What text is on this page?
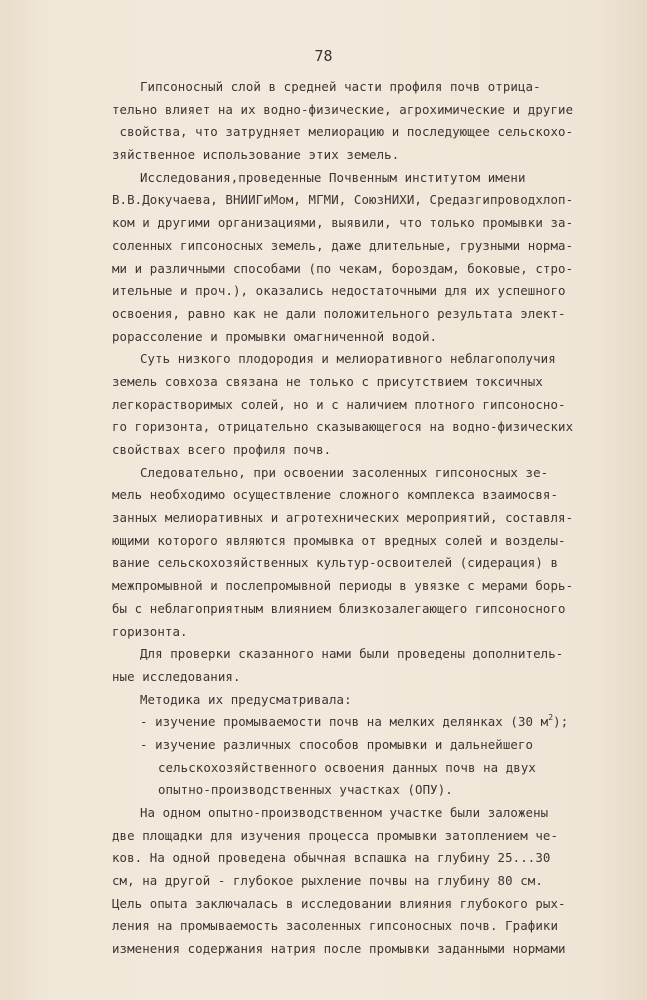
78
Гипсоносный слой в средней части профиля почв отрица-
тельно влияет на их водно-физические, агрохимические и другие
свойства, что затрудняет мелиорацию и последующее сельскохо-
зяйственное использование этих земель.
Исследования,проведенные Почвенным институтом имени
В.В.Докучаева, ВНИИГиМом, МГМИ, СоюзНИХИ, Средазгипроводхлоп-
ком и другими организациями, выявили, что только промывки за-
соленных гипсоносных земель, даже длительные, грузными норма-
ми и различными способами (по чекам, бороздам, боковые, стро-
ительные и проч.), оказались недостаточными для их успешного
освоения, равно как не дали положительного результата элект-
рорассоление и промывки омагниченной водой.
Суть низкого плодородия и мелиоративного неблагополучия
земель совхоза связана не только с присутствием токсичных
легкорастворимых солей, но и с наличием плотного гипсоносно-
го горизонта, отрицательно сказывающегося на водно-физических
свойствах всего профиля почв.
Следовательно, при освоении засоленных гипсоносных зе-
мель необходимо осуществление сложного комплекса взаимосвя-
занных мелиоративных и агротехнических мероприятий, составля-
ющими которого являются промывка от вредных солей и возделы-
вание сельскохозяйственных культур-освоителей (сидерация) в
межпромывной и послепромывной периоды в увязке с мерами борь-
бы с неблагоприятным влиянием близкозалегающего гипсоносного
горизонта.
Для проверки сказанного нами были проведены дополнитель-
ные исследования.
Методика их предусматривала:
- изучение промываемости почв на мелких делянках (30 $м^2$);
- изучение различных способов промывки и дальнейшего
сельскохозяйственного освоения данных почв на двух
опытно-производственных участках (ОПУ).
На одном опытно-производственном участке были заложены
две площадки для изучения процесса промывки затоплением че-
ков. На одной проведена обычная вспашка на глубину 25...30
см, на другой - глубокое рыхление почвы на глубину 80 см.
Цель опыта заключалась в исследовании влияния глубокого рых-
ления на промываемость засоленных гипсоносных почв. Графики
изменения содержания натрия после промывки заданными нормами
